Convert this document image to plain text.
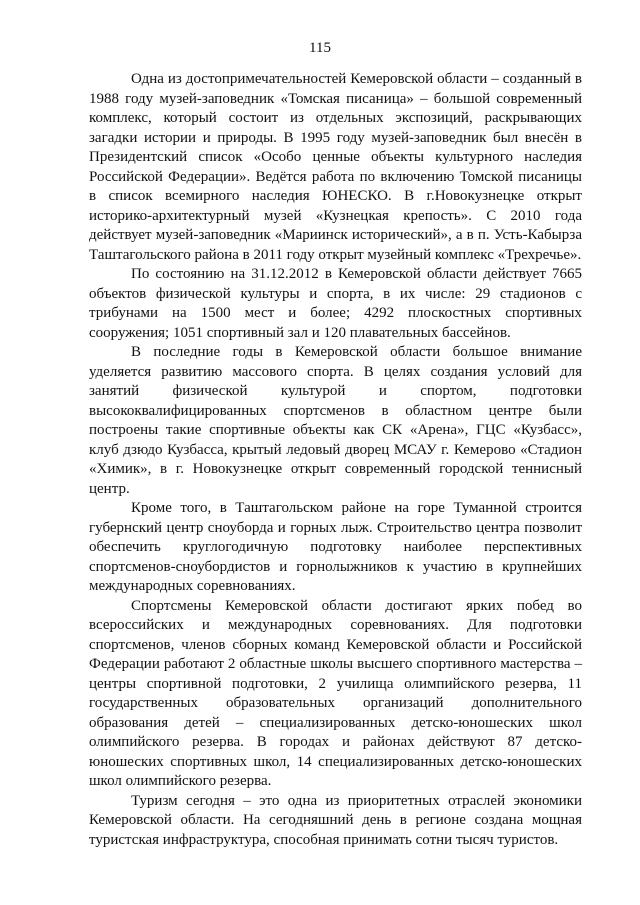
115

Одна из достопримечательностей Кемеровской области – созданный в 1988 году музей-заповедник «Томская писаница» – большой современный комплекс, который состоит из отдельных экспозиций, раскрывающих загадки истории и природы. В 1995 году музей-заповедник был внесён в Президентский список «Особо ценные объекты культурного наследия Российской Федерации». Ведётся работа по включению Томской писаницы в список всемирного наследия ЮНЕСКО. В г.Новокузнецке открыт историко-архитектурный музей «Кузнецкая крепость». С 2010 года действует музей-заповедник «Мариинск исторический», а в п. Усть-Кабырза Таштагольского района в 2011 году открыт музейный комплекс «Трехречье».

По состоянию на 31.12.2012 в Кемеровской области действует 7665 объектов физической культуры и спорта, в их числе: 29 стадионов с трибунами на 1500 мест и более; 4292 плоскостных спортивных сооружения; 1051 спортивный зал и 120 плавательных бассейнов.

В последние годы в Кемеровской области большое внимание уделяется развитию массового спорта. В целях создания условий для занятий физической культурой и спортом, подготовки высококвалифицированных спортсменов в областном центре были построены такие спортивные объекты как СК «Арена», ГЦС «Кузбасс», клуб дзюдо Кузбасса, крытый ледовый дворец МСАУ г. Кемерово «Стадион «Химик», в г. Новокузнецке открыт современный городской теннисный центр.

Кроме того, в Таштагольском районе на горе Туманной строится губернский центр сноуборда и горных лыж. Строительство центра позволит обеспечить круглогодичную подготовку наиболее перспективных спортсменов-сноубордистов и горнолыжников к участию в крупнейших международных соревнованиях.

Спортсмены Кемеровской области достигают ярких побед во всероссийских и международных соревнованиях. Для подготовки спортсменов, членов сборных команд Кемеровской области и Российской Федерации работают 2 областные школы высшего спортивного мастерства – центры спортивной подготовки, 2 училища олимпийского резерва, 11 государственных образовательных организаций дополнительного образования детей – специализированных детско-юношеских школ олимпийского резерва. В городах и районах действуют 87 детско-юношеских спортивных школ, 14 специализированных детско-юношеских школ олимпийского резерва.

Туризм сегодня – это одна из приоритетных отраслей экономики Кемеровской области. На сегодняшний день в регионе создана мощная туристская инфраструктура, способная принимать сотни тысяч туристов.
